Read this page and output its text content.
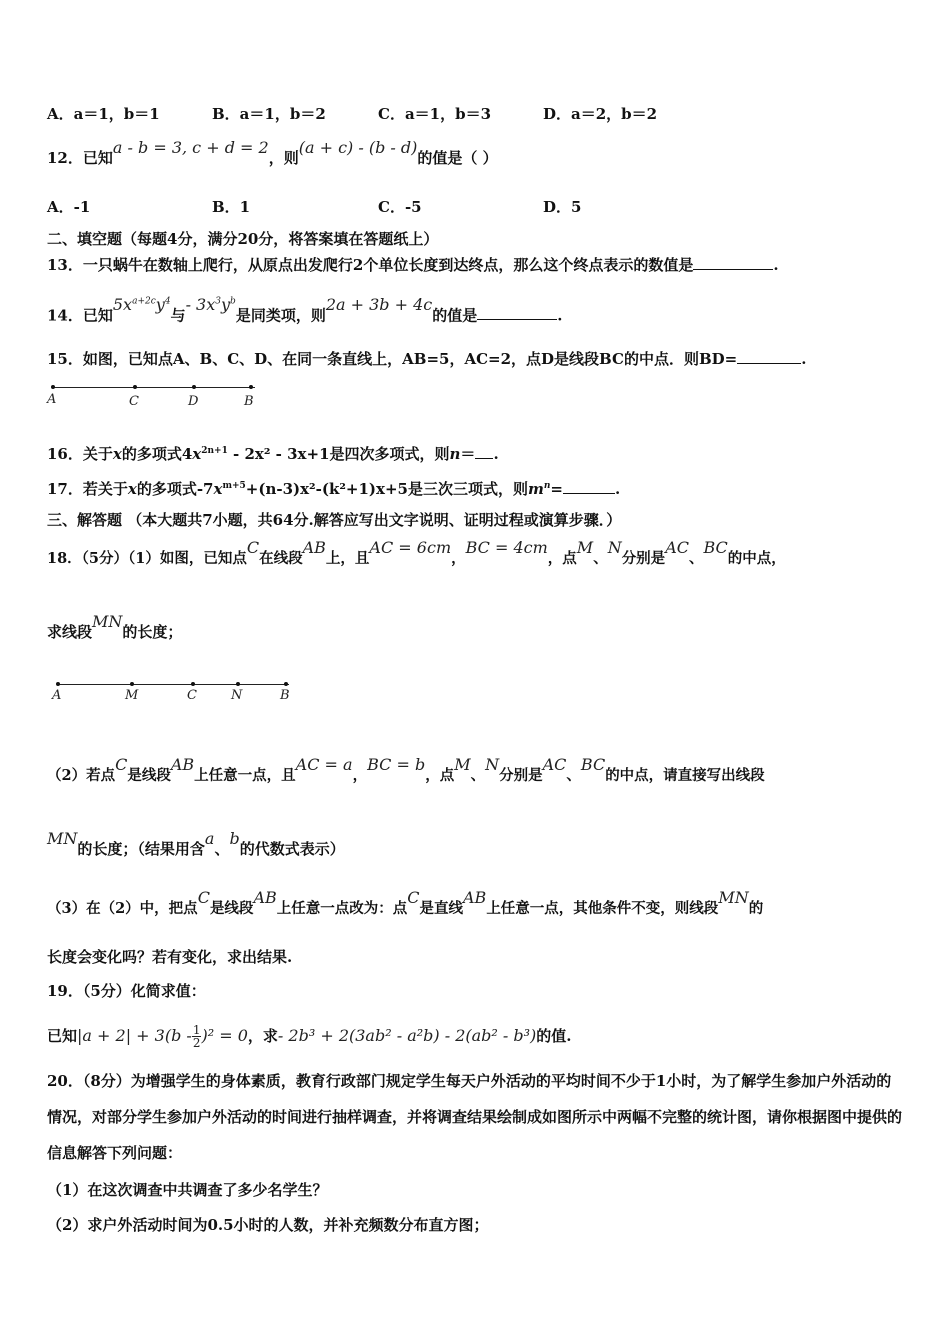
A．a＝1，b＝1	B．a＝1，b＝2	C．a＝1，b＝3	D．a＝2，b＝2
12．已知a - b = 3, c + d = 2，则(a + c) - (b - d)的值是（ ）
A．-1	B．1	C．-5	D．5
二、填空题（每题4分，满分20分，将答案填在答题纸上）
13．一只蜗牛在数轴上爬行，从原点出发爬行2个单位长度到达终点，那么这个终点表示的数值是	.
14．已知$5x^{a+2c}y^4$与- $3x^3y^b$是同类项，则2a + 3b + 4c的值是	.
15．如图，已知点A、B、C、D、在同一条直线上，AB=5，AC=2，点D是线段BC的中点．则BD=	.
A	C	D	B
16．关于x的多项式$4x^{2n+1} - 2x^2 - 3x+1$是四次多项式，则n＝ .
17．若关于x的多项式$-7x^{m+5}+(n-3)x^2-(k^2+1)x+5$是三次三项式，则$m^n=$	.
三、解答题 （本大题共7小题，共64分.解答应写出文字说明、证明过程或演算步骤．）
18．（5分）（1）如图，已知点C在线段AB上，且AC = 6cm，BC = 4cm，点M、N分别是AC、BC的中点，
求线段MN的长度；
A	M	C	N	B
（2）若点C是线段AB上任意一点，且AC = a，BC = b，点M、N分别是AC、BC的中点，请直接写出线段
MN的长度；（结果用含a、b的代数式表示）
（3）在（2）中，把点C是线段AB上任意一点改为：点C是直线AB上任意一点，其他条件不变，则线段MN的
长度会变化吗？若有变化，求出结果.
19．（5分）化简求值：
已知$|a + 2| + 3(b - \frac{1}{2} )^2 = 0$，求- 2b³ + 2(3ab² - a²b) - 2(ab² - b³)的值.
20．（8分）为增强学生的身体素质，教育行政部门规定学生每天户外活动的平均时间不少于1小时，为了解学生参加户外活动的情况，对部分学生参加户外活动的时间进行抽样调查，并将调查结果绘制成如图所示中两幅不完整的统计图，请你根据图中提供的信息解答下列问题：
（1）在这次调查中共调查了多少名学生？
（2）求户外活动时间为0.5小时的人数，并补充频数分布直方图；
